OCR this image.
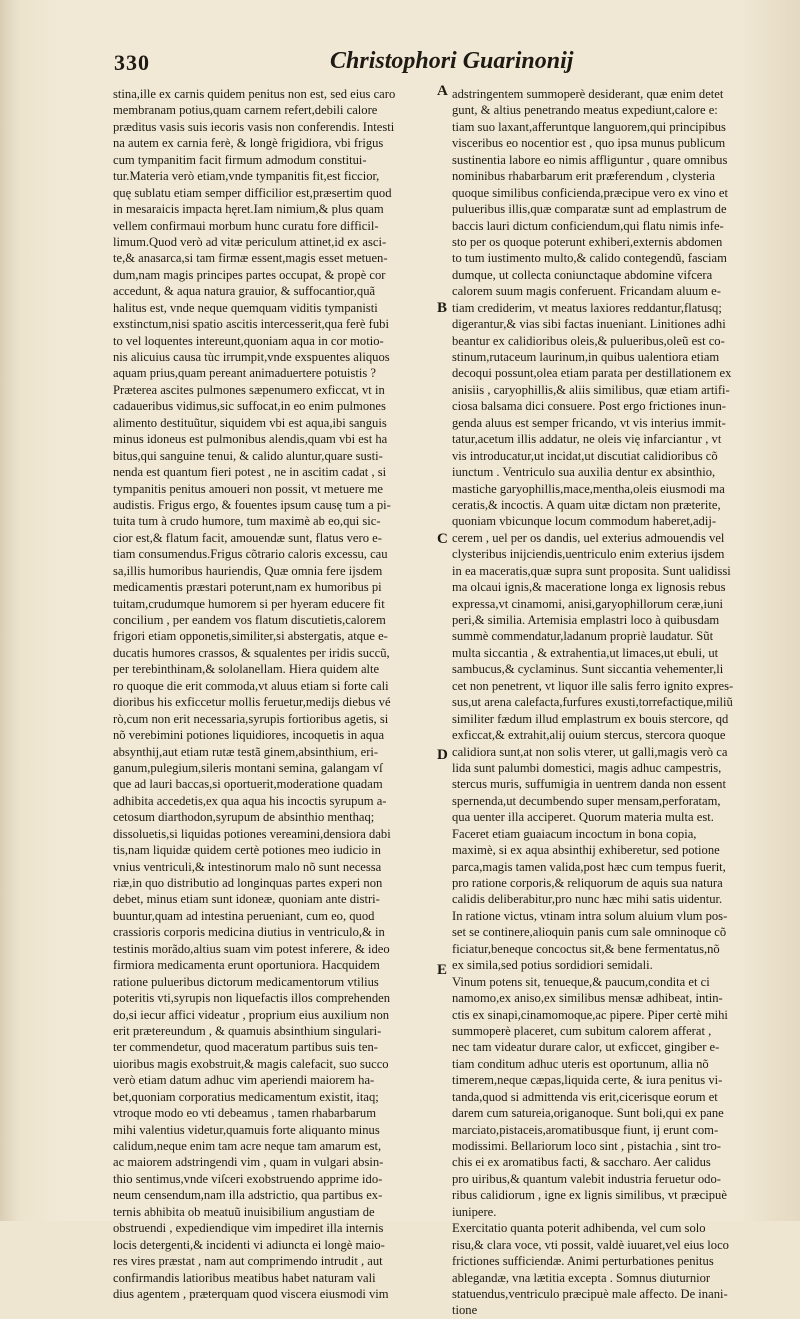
330	Christophori Guarinonij
stina,ille ex carnis quidem penitus non est, sed eius caro
membranam potius,quam carnem refert,debili calore
præditus vasis suis iecoris vasis non conferendis. Intesti
na autem ex carnia ferè, & longè frigidiora, vbi frigus
cum tympanitim facit firmum admodum constitui-
tur.Materia verò etiam,vnde tympanitis fit,est ficcior,
quę sublatu etiam semper difficilior est,præsertim quod
in mesaraicis impacta hęret.Iam nimium,& plus quam
vellem confirmaui morbum hunc curatu fore difficil-
limum.Quod verò ad vitæ periculum attinet,id ex asci-
te,& anasarca,si tam firmæ essent,magis esset metuen-
dum,nam magis principes partes occupat, & propè cor
accedunt, & aqua natura grauior, & suffocantior,quã
halitus est, vnde neque quemquam viditis tympanisti
exstinctum,nisi spatio ascitis intercesserit,qua ferè fubi
to vel loquentes intereunt,quoniam aqua in cor motio-
nis alicuius causa tùc irrumpit,vnde exspuentes aliquos
aquam prius,quam pereant animaduertere potuistis ?
Præterea ascites pulmones sæpenumero exficcat, vt in
cadaueribus vidimus,sic suffocat,in eo enim pulmones
alimento destituũtur, siquidem vbi est aqua,ibi sanguis
minus idoneus est pulmonibus alendis,quam vbi est ha
bitus,qui sanguine tenui, & calido aluntur,quare susti-
nenda est quantum fieri potest , ne in ascitim cadat , si
tympanitis penitus amoueri non possit, vt metuere me
audistis. Frigus ergo, & fouentes ipsum causę tum a pi-
tuita tum à crudo humore, tum maximè ab eo,qui sic-
cior est,& flatum facit, amouendæ sunt, flatus vero e-
tiam consumendus.Frigus cõtrario caloris excessu, cau
sa,illis humoribus hauriendis, Quæ omnia fere ijsdem
medicamentis præstari poterunt,nam ex humoribus pi
tuitam,crudumque humorem si per hyeram educere fit
concilium , per eandem vos flatum discutietis,calorem
frigori etiam opponetis,similiter,si abstergatis, atque e-
ducatis humores crassos, & squalentes per iridis succũ,
per terebinthinam,& sololanellam. Hiera quidem alte
ro quoque die erit commoda,vt aluus etiam si forte cali
dioribus his exficcetur mollis feruetur,medijs diebus vé
rò,cum non erit necessaria,syrupis fortioribus agetis, si
nõ verebimini potiones liquidiores, incoquetis in aqua
absynthij,aut etiam rutæ testã ginem,absinthium, eri-
ganum,pulegium,sileris montani semina, galangam vſ
que ad lauri baccas,si oportuerit,moderatione quadam
adhibita accedetis,ex qua aqua his incoctis syrupum a-
cetosum diarthodon,syrupum de absinthio menthaq;
dissoluetis,si liquidas potiones vereamini,densiora dabi
tis,nam liquidæ quidem certè potiones meo iudicio in
vnius ventriculi,& intestinorum malo nõ sunt necessa
riæ,in quo distributio ad longinquas partes experi non
debet, minus etiam sunt idoneæ, quoniam ante distri-
buuntur,quam ad intestina perueniant, cum eo, quod
crassioris corporis medicina diutius in ventriculo,& in
testinis morãdo,altius suam vim potest inferere, & ideo
firmiora medicamenta erunt oportuniora. Hacquidem
ratione pulueribus dictorum medicamentorum vtilius
poteritis vti,syrupis non liquefactis illos comprehenden
do,si iecur affici videatur , proprium eius auxilium non
erit prætereundum , & quamuis absinthium singulari-
ter commendetur, quod maceratum partibus suis ten-
uioribus magis exobstruit,& magis calefacit, suo succo
verò etiam datum adhuc vim aperiendi maiorem ha-
bet,quoniam corporatius medicamentum existit, itaq;
vtroque modo eo vti debeamus , tamen rhabarbarum
mihi valentius videtur,quamuis forte aliquanto minus
calidum,neque enim tam acre neque tam amarum est,
ac maiorem adstringendi vim , quam in vulgari absin-
thio sentimus,vnde viſceri exobstruendo apprime ido-
neum censendum,nam illa adstrictio, qua partibus ex-
ternis abhibita ob meatuũ inuisibilium angustiam de
obstruendi , expediendique vim impediret illa internis
locis detergenti,& incidenti vi adiuncta ei longè maio-
res vires præstat , nam aut comprimendo intrudit , aut
confirmandis latioribus meatibus habet naturam vali
dius agentem , præterquam quod viscera eiusmodi vim
A
B
C
D
E
adstringentem summoperè desiderant, quæ enim detet
gunt, & altius penetrando meatus expediunt,calore e:
tiam suo laxant,afferuntque languorem,qui principibus
visceribus eo nocentior est , quo ipsa munus publicum
sustinentia labore eo nimis affliguntur , quare omnibus
nominibus rhabarbarum erit præferendum , clysteria
quoque similibus conficienda,præcipue vero ex vino et
pulueribus illis,quæ comparatæ sunt ad emplastrum de
baccis lauri dictum conficiendum,qui flatu nimis infe-
sto per os quoque poterunt exhiberi,externis abdomen
to tum iustimento multo,& calido contegendũ, fasciam
dumque, ut collecta coniunctaque abdomine vifcera
calorem suum magis conferuent. Fricandam aluum e-
tiam crediderim, vt meatus laxiores reddantur,flatusq;
digerantur,& vias sibi factas inueniant. Linitiones adhi
beantur ex calidioribus oleis,& pulueribus,oleũ est co-
stinum,rutaceum laurinum,in quibus ualentiora etiam
decoqui possunt,olea etiam parata per destillationem ex
anisiis , caryophillis,& aliis similibus, quæ etiam artifi-
ciosa balsama dici consuere. Post ergo frictiones inun-
genda aluus est semper fricando, vt vis interius immit-
tatur,acetum illis addatur, ne oleis vię infarciantur , vt
vis introducatur,ut incidat,ut discutiat calidioribus cõ
iunctum . Ventriculo sua auxilia dentur ex absinthio,
mastiche garyophillis,mace,mentha,oleis eiusmodi ma
ceratis,& incoctis. A quam uitæ dictam non præterite,
quoniam vbicunque locum commodum haberet,adij-
cerem , uel per os dandis, uel exterius admouendis vel
clysteribus inijciendis,uentriculo enim exterius ijsdem
in ea maceratis,quæ supra sunt proposita. Sunt ualidissi
ma olcaui ignis,& maceratione longa ex lignosis rebus
expressa,vt cinamomi, anisi,garyophillorum ceræ,iuni
peri,& similia. Artemisia emplastri loco à quibusdam
summè commendatur,ladanum propriè laudatur. Sũt
multa siccantia , & extrahentia,ut limaces,ut ebuli, ut
sambucus,& cyclaminus. Sunt siccantia vehementer,li
cet non penetrent, vt liquor ille salis ferro ignito expres-
sus,ut arena calefacta,furfures exusti,torrefactique,miliũ
similiter fædum illud emplastrum ex bouis stercore, qd
exficcat,& extrahit,alij ouium stercus, stercora quoque
calidiora sunt,at non solis vterer, ut galli,magis verò ca
lida sunt palumbi domestici, magis adhuc campestris,
stercus muris, suffumigia in uentrem danda non essent
spernenda,ut decumbendo super mensam,perforatam,
qua uenter illa acciperet. Quorum materia multa est.
Faceret etiam guaiacum incoctum in bona copia,
maximè, si ex aqua absinthij exhiberetur, sed potione
parca,magis tamen valida,post hæc cum tempus fuerit,
pro ratione corporis,& reliquorum de aquis sua natura
calidis deliberabitur,pro nunc hæc mihi satis uidentur.
In ratione victus, vtinam intra solum aluium vlum pos-
set se continere,alioquin panis cum sale omninoque cõ
ficiatur,beneque concoctus sit,& bene fermentatus,nõ
ex simila,sed potius sordidiori semidali.
Vinum potens sit, tenueque,& paucum,condita et ci
namomo,ex aniso,ex similibus mensæ adhibeat, intin-
ctis ex sinapi,cinamomoque,ac pipere. Piper certè mihi
summoperè placeret, cum subitum calorem afferat ,
nec tam videatur durare calor, ut exficcet, gingiber e-
tiam conditum adhuc uteris est oportunum, allia nõ
timerem,neque cæpas,liquida certe, & iura penitus vi-
tanda,quod si admittenda vis erit,cicerisque eorum et
darem cum satureia,origanoque. Sunt boli,qui ex pane
marciato,pistaceis,aromatibusque fiunt, ij erunt com-
modissimi. Bellariorum loco sint , pistachia , sint tro-
chis ei ex aromatibus facti, & saccharo. Aer calidus
pro uiribus,& quantum valebit industria feruetur odo-
ribus calidiorum , igne ex lignis similibus, vt præcipuè
iunipere.
Exercitatio quanta poterit adhibenda, vel cum solo
risu,& clara voce, vti possit, valdè iuuaret,vel eius loco
frictiones sufficiendæ. Animi perturbationes penitus
ablegandæ, vna lætitia excepta . Somnus diuturnior
statuendus,ventriculo præcipuè male affecto. De inani-
tione
